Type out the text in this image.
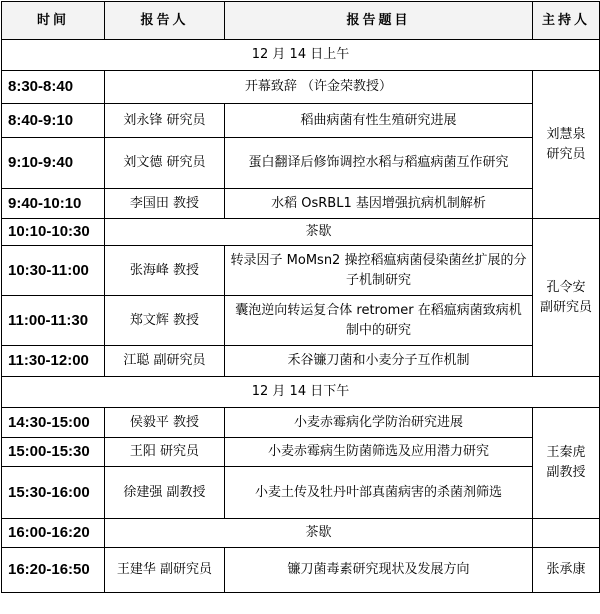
时间	报告人	报告题目	主持人
12 月 14 日上午			
8:30-8:40	开幕致辞 （许金荣教授）		刘慧泉
研究员

8:40-9:10	刘永锋 研究员	稻曲病菌有性生殖研究进展	
9:10-9:40	刘文德 研究员	蛋白翻译后修饰调控水稻与稻瘟病菌互作研究	
9:40-10:10	李国田 教授	水稻 OsRBL1 基因增强抗病机制解析	
10:10-10:30	茶歇		孔令安
副研究员

10:30-11:00	张海峰 教授	转录因子 MoMsn2 操控稻瘟病菌侵染菌丝扩展的分子机制研究	
11:00-11:30	郑文辉 教授	囊泡逆向转运复合体 retromer 在稻瘟病菌致病机制中的研究	
11:30-12:00	江聪 副研究员	禾谷镰刀菌和小麦分子互作机制	
12 月 14 日下午			
14:30-15:00	侯毅平 教授	小麦赤霉病化学防治研究进展	王秦虎
副教授

15:00-15:30	王阳 研究员	小麦赤霉病生防菌筛选及应用潜力研究	
15:30-16:00	徐建强 副教授	小麦土传及牡丹叶部真菌病害的杀菌剂筛选	
16:00-16:20	茶歇		
16:20-16:50	王建华 副研究员	镰刀菌毒素研究现状及发展方向	张承康
